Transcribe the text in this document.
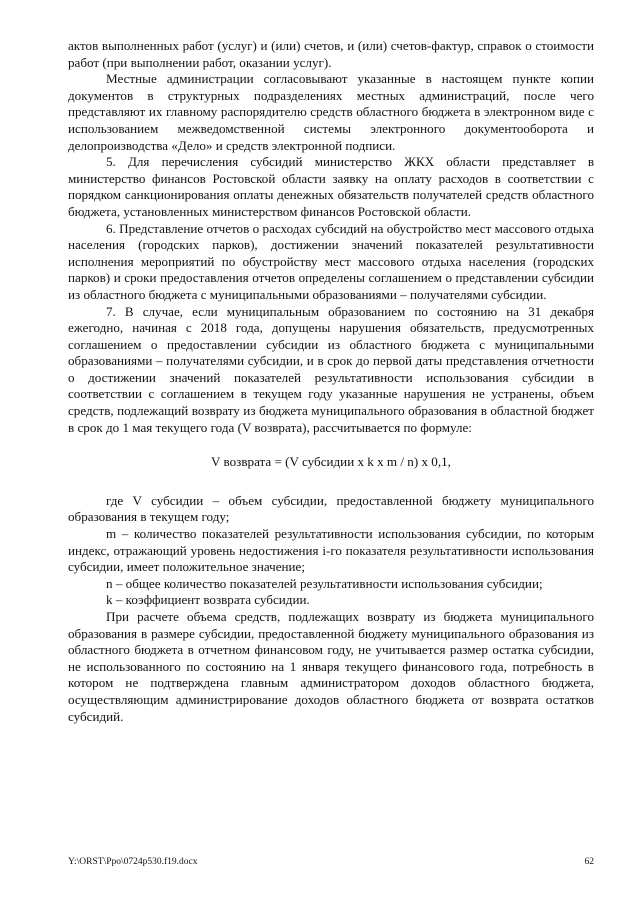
актов выполненных работ (услуг) и (или) счетов, и (или) счетов-фактур, справок о стоимости работ (при выполнении работ, оказании услуг).

Местные администрации согласовывают указанные в настоящем пункте копии документов в структурных подразделениях местных администраций, после чего представляют их главному распорядителю средств областного бюджета в электронном виде с использованием межведомственной системы электронного документооборота и делопроизводства «Дело» и средств электронной подписи.

5. Для перечисления субсидий министерство ЖКХ области представляет в министерство финансов Ростовской области заявку на оплату расходов в соответствии с порядком санкционирования оплаты денежных обязательств получателей средств областного бюджета, установленных министерством финансов Ростовской области.

6. Представление отчетов о расходах субсидий на обустройство мест массового отдыха населения (городских парков), достижении значений показателей результативности исполнения мероприятий по обустройству мест массового отдыха населения (городских парков) и сроки предоставления отчетов определены соглашением о представлении субсидии из областного бюджета с муниципальными образованиями – получателями субсидии.

7. В случае, если муниципальным образованием по состоянию на 31 декабря ежегодно, начиная с 2018 года, допущены нарушения обязательств, предусмотренных соглашением о предоставлении субсидии из областного бюджета с муниципальными образованиями – получателями субсидии, и в срок до первой даты представления отчетности о достижении значений показателей результативности использования субсидии в соответствии с соглашением в текущем году указанные нарушения не устранены, объем средств, подлежащий возврату из бюджета муниципального образования в областной бюджет в срок до 1 мая текущего года (V возврата), рассчитывается по формуле:

V возврата = (V субсидии x k x m / n) x 0,1,

где V субсидии – объем субсидии, предоставленной бюджету муниципального образования в текущем году;

m – количество показателей результативности использования субсидии, по которым индекс, отражающий уровень недостижения i-го показателя результативности использования субсидии, имеет положительное значение;

n – общее количество показателей результативности использования субсидии;

k – коэффициент возврата субсидии.

При расчете объема средств, подлежащих возврату из бюджета муниципального образования в размере субсидии, предоставленной бюджету муниципального образования из областного бюджета в отчетном финансовом году, не учитывается размер остатка субсидии, не использованного по состоянию на 1 января текущего финансового года, потребность в котором не подтверждена главным администратором доходов областного бюджета, осуществляющим администрирование доходов областного бюджета от возврата остатков субсидий.

Y:\ORST\Ppo\0724p530.f19.docx	62
